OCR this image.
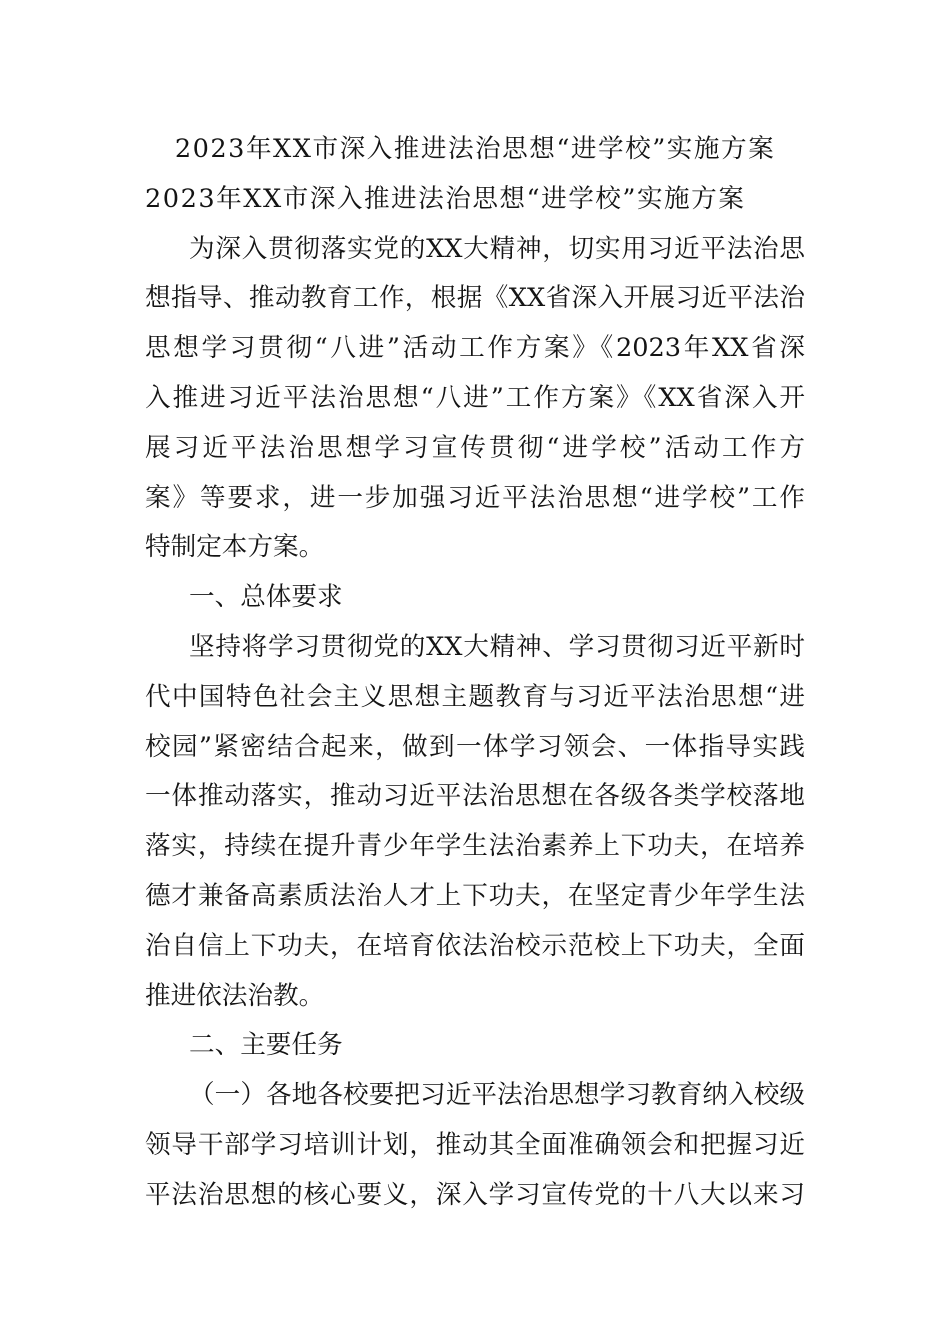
2023年XX市深入推进法治思想“进学校”实施方案
2023年XX市深入推进法治思想“进学校”实施方案
为深入贯彻落实党的XX大精神，切实用习近平法治思
想指导、推动教育工作，根据《XX省深入开展习近平法治
思想学习贯彻“八进”活动工作方案》《2023年XX省深
入推进习近平法治思想“八进”工作方案》《XX省深入开
展习近平法治思想学习宣传贯彻“进学校”活动工作方
案》等要求，进一步加强习近平法治思想“进学校”工作
特制定本方案。
一、总体要求
坚持将学习贯彻党的XX大精神、学习贯彻习近平新时
代中国特色社会主义思想主题教育与习近平法治思想“进
校园”紧密结合起来，做到一体学习领会、一体指导实践
一体推动落实，推动习近平法治思想在各级各类学校落地
落实，持续在提升青少年学生法治素养上下功夫，在培养
德才兼备高素质法治人才上下功夫，在坚定青少年学生法
治自信上下功夫，在培育依法治校示范校上下功夫，全面
推进依法治教。
二、主要任务
（一）各地各校要把习近平法治思想学习教育纳入校级
领导干部学习培训计划，推动其全面准确领会和把握习近
平法治思想的核心要义，深入学习宣传党的十八大以来习
